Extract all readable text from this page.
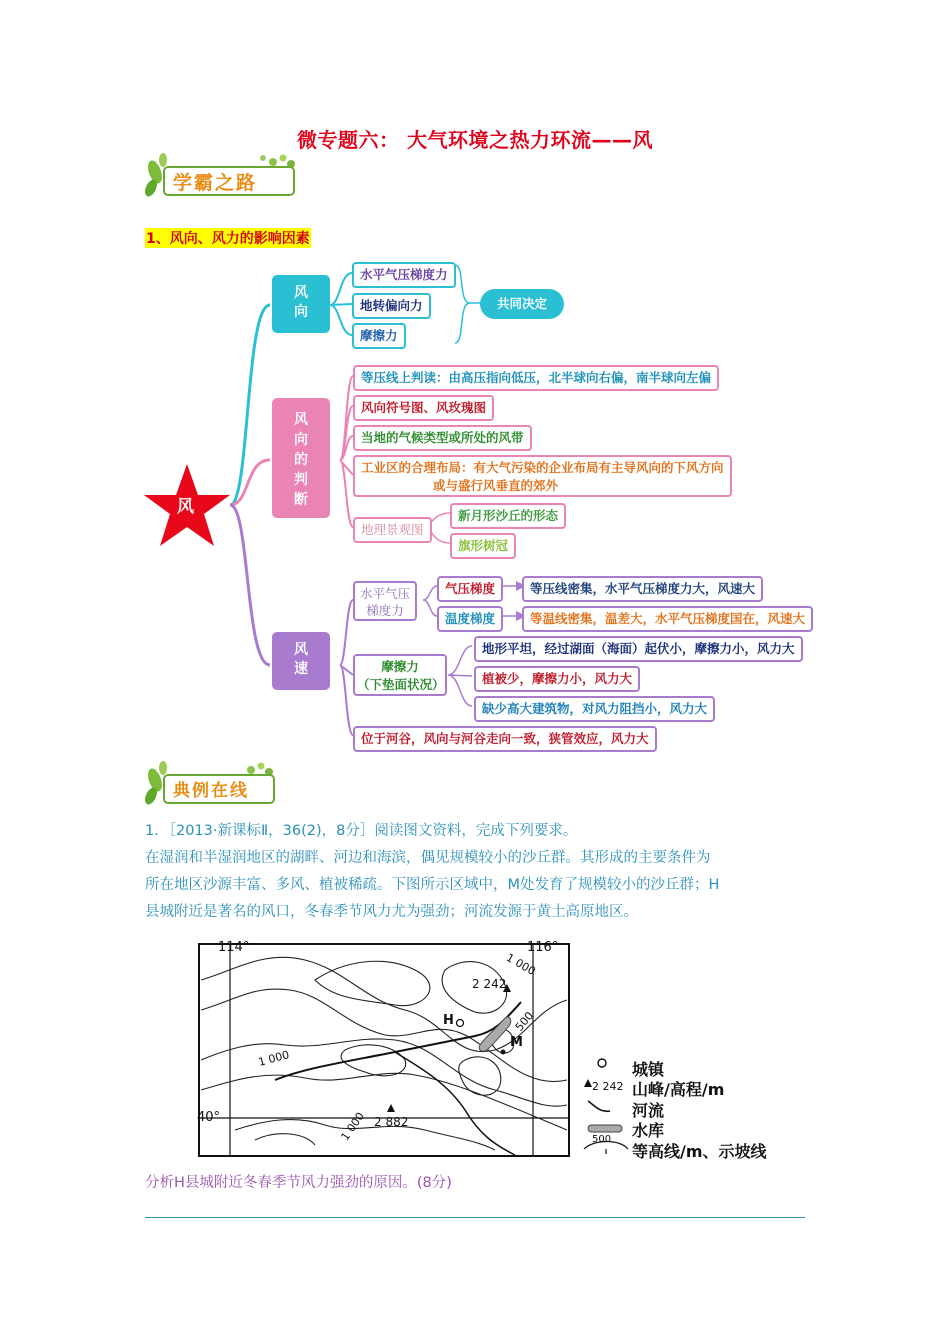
微专题六： 大气环境之热力环流——风
学霸之路
1、风向、风力的影响因素
风
风
向
水平气压梯度力
地转偏向力
摩擦力
共同决定
风
向
的
判
断
等压线上判读：由高压指向低压，北半球向右偏，南半球向左偏
风向符号图、风玫瑰图
当地的气候类型或所处的风带
工业区的合理布局：有大气污染的企业布局有主导风向的下风方向
或与盛行风垂直的郊外
地理景观图
新月形沙丘的形态
旗形树冠
风
速
水平气压
梯度力
气压梯度
温度梯度
等压线密集，水平气压梯度力大，风速大
等温线密集，温差大，水平气压梯度国在，风速大
摩擦力
（下垫面状况）
地形平坦，经过湖面（海面）起伏小，摩擦力小，风力大
植被少，摩擦力小，风力大
缺少高大建筑物，对风力阻挡小，风力大
位于河谷，风向与河谷走向一致，狭管效应，风力大
典例在线
1．［2013·新课标Ⅱ，36(2)，8分］阅读图文资料，完成下列要求。
在湿润和半湿润地区的湖畔、河边和海滨，偶见规模较小的沙丘群。其形成的主要条件为
所在地区沙源丰富、多风、植被稀疏。下图所示区域中，M处发育了规模较小的沙丘群；H
县城附近是著名的风口，冬春季节风力尤为强劲；河流发源于黄土高原地区。
114°	116°
40°
1 000
1 000
1 000
500
2 242
2 882
H
M
城镇
2 242 山峰/高程/m
河流
水库
500
等高线/m、示坡线
分析H县城附近冬春季节风力强劲的原因。(8分)
